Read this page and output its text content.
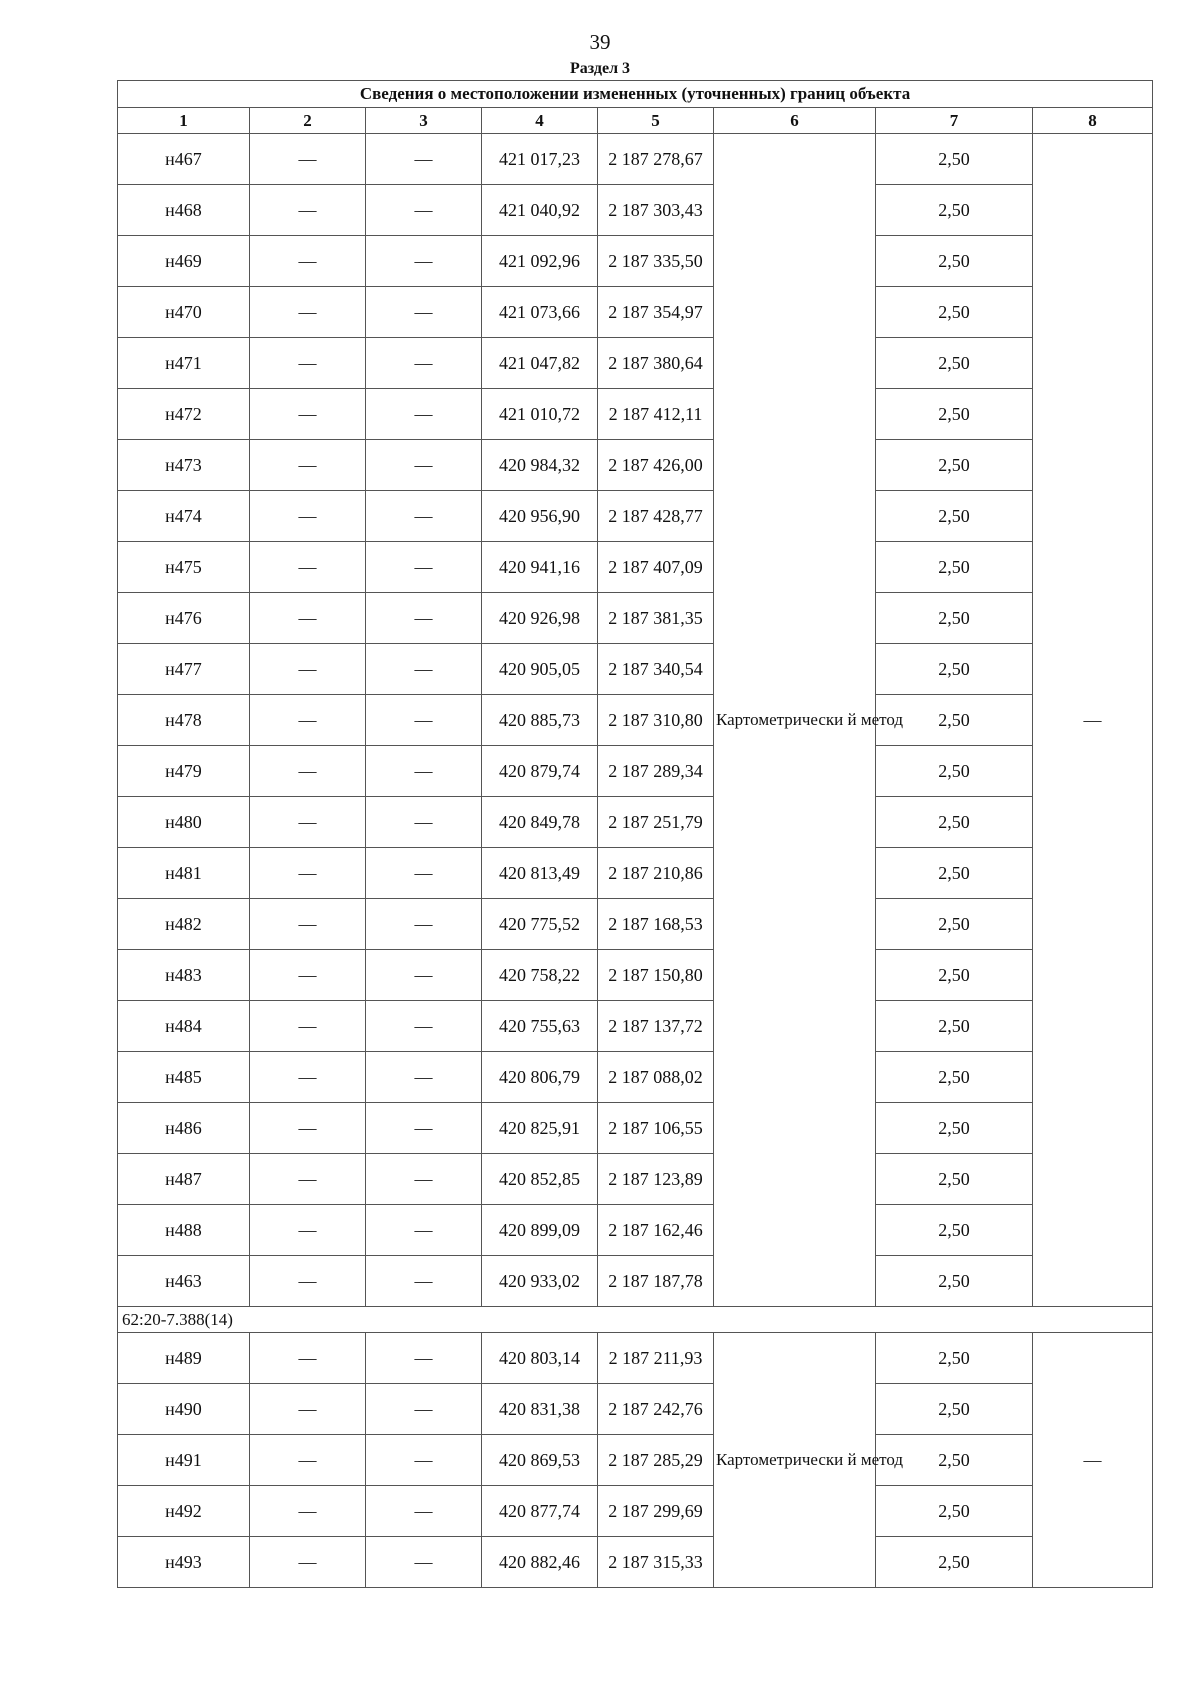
39
Раздел 3
Сведения о местоположении измененных (уточненных) границ объекта							
1	2	3	4	5	6	7	8
н467	—	—	421 017,23	2 187 278,67	Картометрически й метод	2,50	—
н468	—	—	421 040,92	2 187 303,43		2,50	
н469	—	—	421 092,96	2 187 335,50		2,50	
н470	—	—	421 073,66	2 187 354,97		2,50	
н471	—	—	421 047,82	2 187 380,64		2,50	
н472	—	—	421 010,72	2 187 412,11		2,50	
н473	—	—	420 984,32	2 187 426,00		2,50	
н474	—	—	420 956,90	2 187 428,77		2,50	
н475	—	—	420 941,16	2 187 407,09		2,50	
н476	—	—	420 926,98	2 187 381,35		2,50	
н477	—	—	420 905,05	2 187 340,54		2,50	
н478	—	—	420 885,73	2 187 310,80		2,50	
н479	—	—	420 879,74	2 187 289,34		2,50	
н480	—	—	420 849,78	2 187 251,79		2,50	
н481	—	—	420 813,49	2 187 210,86		2,50	
н482	—	—	420 775,52	2 187 168,53		2,50	
н483	—	—	420 758,22	2 187 150,80		2,50	
н484	—	—	420 755,63	2 187 137,72		2,50	
н485	—	—	420 806,79	2 187 088,02		2,50	
н486	—	—	420 825,91	2 187 106,55		2,50	
н487	—	—	420 852,85	2 187 123,89		2,50	
н488	—	—	420 899,09	2 187 162,46		2,50	
н463	—	—	420 933,02	2 187 187,78		2,50	
62:20-7.388(14)							
н489	—	—	420 803,14	2 187 211,93	Картометрически й метод	2,50	—
н490	—	—	420 831,38	2 187 242,76		2,50	
н491	—	—	420 869,53	2 187 285,29		2,50	
н492	—	—	420 877,74	2 187 299,69		2,50	
н493	—	—	420 882,46	2 187 315,33		2,50	
